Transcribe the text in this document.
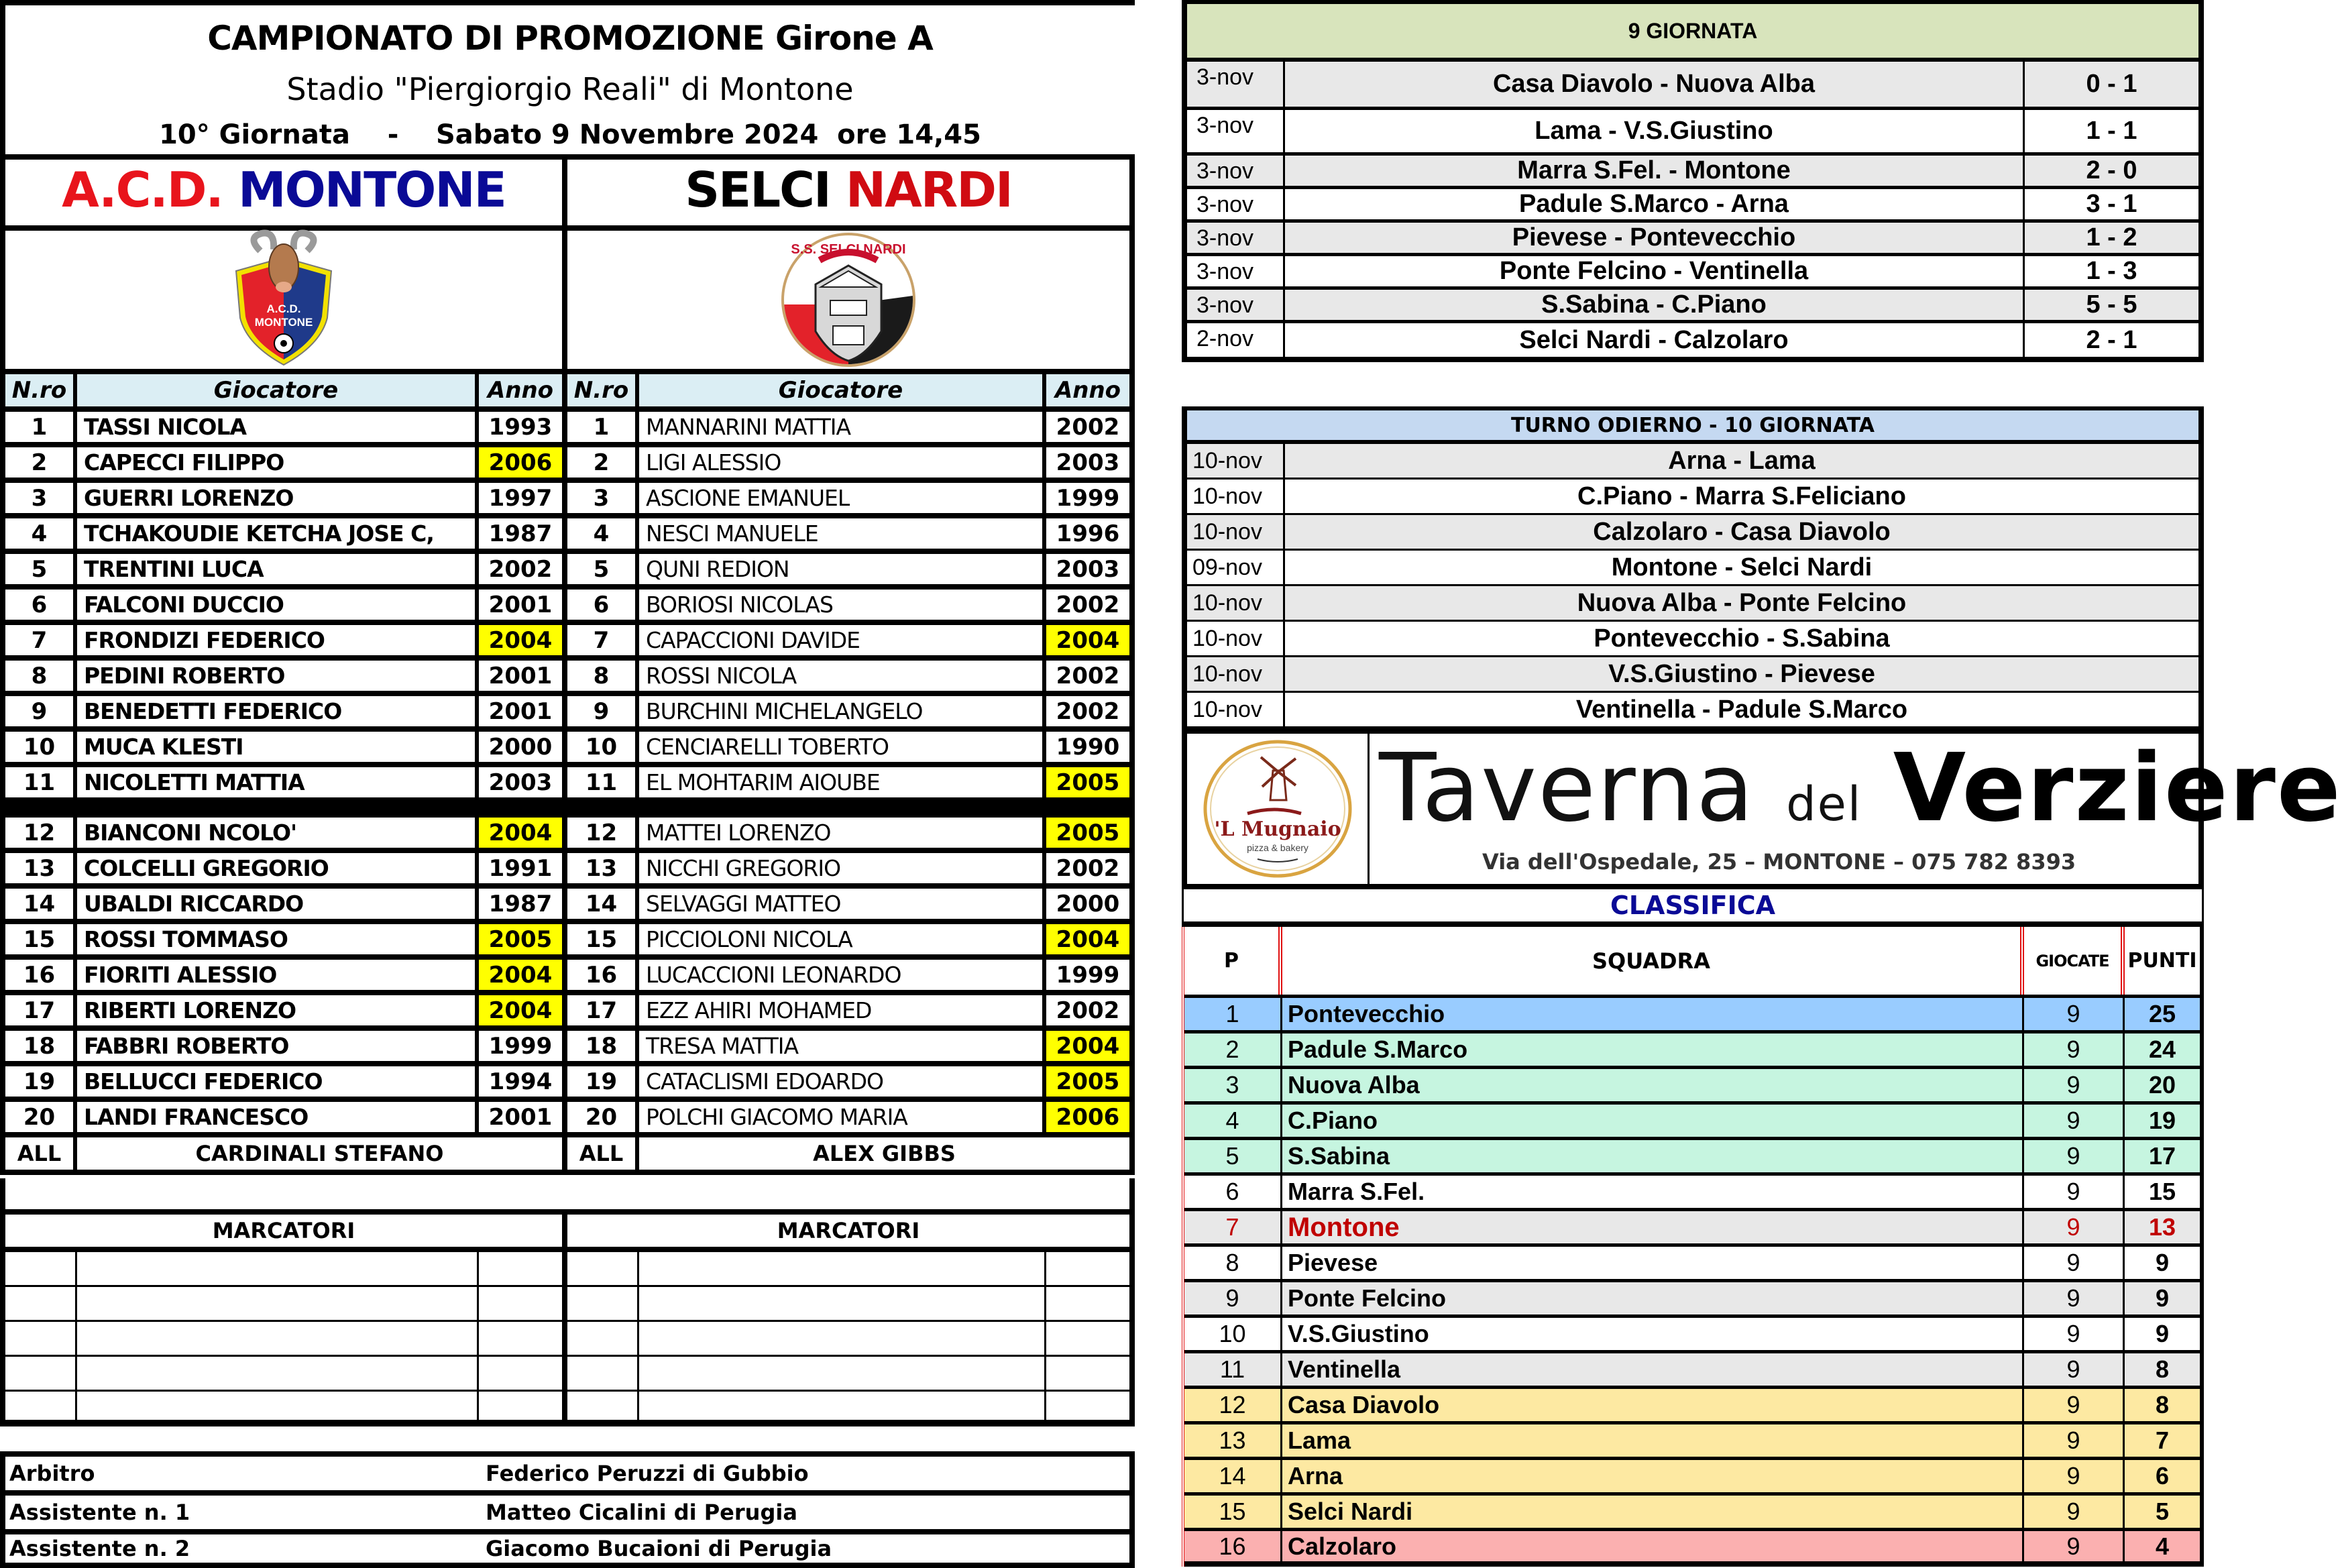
CAMPIONATO DI PROMOZIONE Girone A
Stadio "Piergiorgio Reali" di Montone
10° Giornata    -    Sabato 9 Novembre 2024  ore 14,45
A.C.D.
MONTONE
A.C.D.
MONTONE
N.ro	Giocatore	Anno
1	TASSI NICOLA	1993
2	CAPECCI FILIPPO	2006
3	GUERRI LORENZO	1997
4	TCHAKOUDIE KETCHA JOSE C,	1987
5	TRENTINI LUCA	2002
6	FALCONI DUCCIO	2001
7	FRONDIZI FEDERICO	2004
8	PEDINI ROBERTO	2001
9	BENEDETTI FEDERICO	2001
10	MUCA KLESTI	2000
11	NICOLETTI MATTIA	2003
12	BIANCONI NCOLO'	2004
13	COLCELLI GREGORIO	1991
14	UBALDI RICCARDO	1987
15	ROSSI TOMMASO	2005
16	FIORITI ALESSIO	2004
17	RIBERTI LORENZO	2004
18	FABBRI ROBERTO	1999
19	BELLUCCI FEDERICO	1994
20	LANDI FRANCESCO	2001
ALL	CARDINALI STEFANO
SELCI
NARDI
S.S. SELCI NARDI
N.ro	Giocatore	Anno
1	MANNARINI MATTIA	2002
2	LIGI ALESSIO	2003
3	ASCIONE EMANUEL	1999
4	NESCI MANUELE	1996
5	QUNI REDION	2003
6	BORIOSI NICOLAS	2002
7	CAPACCIONI DAVIDE	2004
8	ROSSI NICOLA	2002
9	BURCHINI MICHELANGELO	2002
10	CENCIARELLI TOBERTO	1990
11	EL MOHTARIM AIOUBE	2005
12	MATTEI LORENZO	2005
13	NICCHI GREGORIO	2002
14	SELVAGGI MATTEO	2000
15	PICCIOLONI NICOLA	2004
16	LUCACCIONI LEONARDO	1999
17	EZZ AHIRI MOHAMED	2002
18	TRESA MATTIA	2004
19	CATACLISMI EDOARDO	2005
20	POLCHI GIACOMO MARIA	2006
ALL	ALEX GIBBS
MARCATORI	MARCATORI
Arbitro	Federico Peruzzi di Gubbio
Assistente n. 1	Matteo Cicalini di Perugia
Assistente n. 2	Giacomo Bucaioni di Perugia
9 GIORNATA
3-nov	Casa Diavolo - Nuova Alba	0 - 1
3-nov	Lama - V.S.Giustino	1 - 1
3-nov	Marra S.Fel. - Montone	2 - 0
3-nov	Padule S.Marco - Arna	3 - 1
3-nov	Pievese - Pontevecchio	1 - 2
3-nov	Ponte Felcino - Ventinella	1 - 3
3-nov	S.Sabina - C.Piano	5 - 5
2-nov	Selci Nardi - Calzolaro	2 - 1
TURNO ODIERNO - 10 GIORNATA
10-nov	Arna - Lama
10-nov	C.Piano - Marra S.Feliciano
10-nov	Calzolaro - Casa Diavolo
09-nov	Montone - Selci Nardi
10-nov	Nuova Alba - Ponte Felcino
10-nov	Pontevecchio - S.Sabina
10-nov	V.S.Giustino - Pievese
10-nov	Ventinella - Padule S.Marco
'L Mugnaio
pizza & bakery
Taverna del Verziere
Via dell'Ospedale, 25 – MONTONE – 075 782 8393
CLASSIFICA
P	SQUADRA	GIOCATE PUNTI
1	Pontevecchio	9	25
2	Padule S.Marco	9	24
3	Nuova Alba	9	20
4	C.Piano	9	19
5	S.Sabina	9	17
6	Marra S.Fel.	9	15
7	Montone	9	13
8	Pievese	9	9
9	Ponte Felcino	9	9
10	V.S.Giustino	9	9
11	Ventinella	9	8
12	Casa Diavolo	9	8
13	Lama	9	7
14	Arna	9	6
15	Selci Nardi	9	5
16	Calzolaro	9	4
